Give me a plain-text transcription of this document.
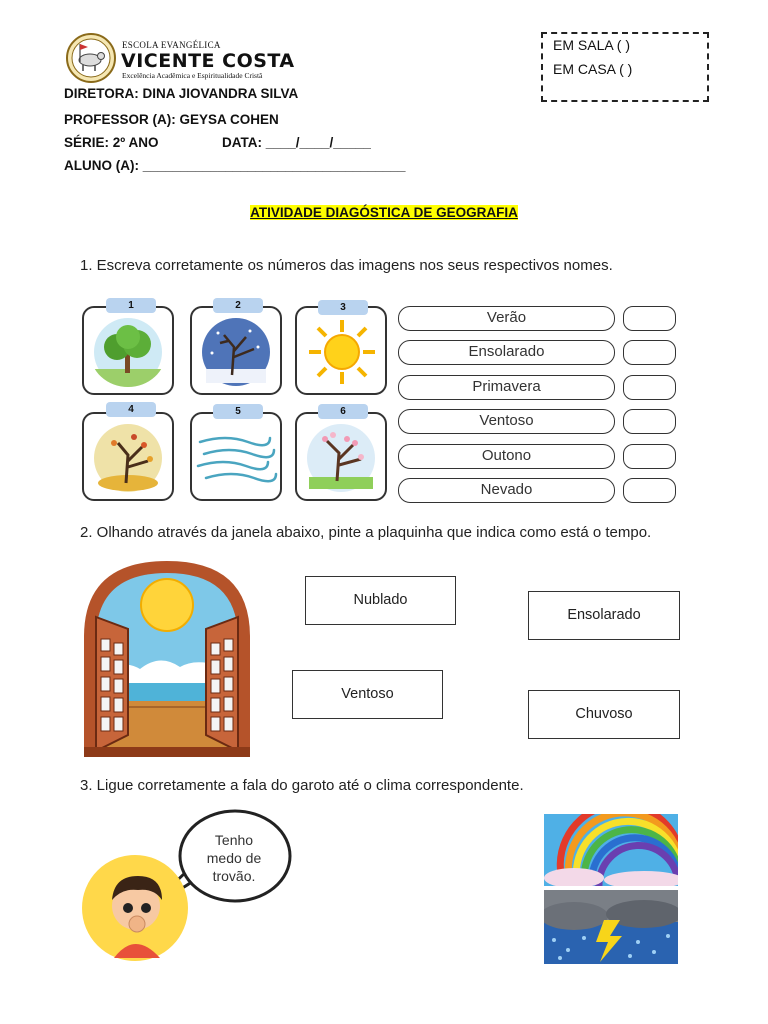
ESCOLA EVANGÉLICA
VICENTE COSTA
Excelência Acadêmica e Espiritualidade Cristã
EM SALA ( )
EM CASA ( )
DIRETORA: DINA JIOVANDRA SILVA
PROFESSOR (A): GEYSA COHEN
SÉRIE: 2º ANO	DATA: ____/____/_____
ALUNO (A): ___________________________________
ATIVIDADE DIAGÓSTICA DE GEOGRAFIA
1. Escreva corretamente os números das imagens nos seus respectivos nomes.
1	2	3
4	5	6
Verão
Ensolarado
Primavera
Ventoso
Outono
Nevado
2. Olhando através da janela abaixo, pinte a plaquinha que indica como está o tempo.
Nublado
Ensolarado
Ventoso
Chuvoso
3. Ligue corretamente a fala do garoto até o clima correspondente.
Tenho
medo de
trovão.
